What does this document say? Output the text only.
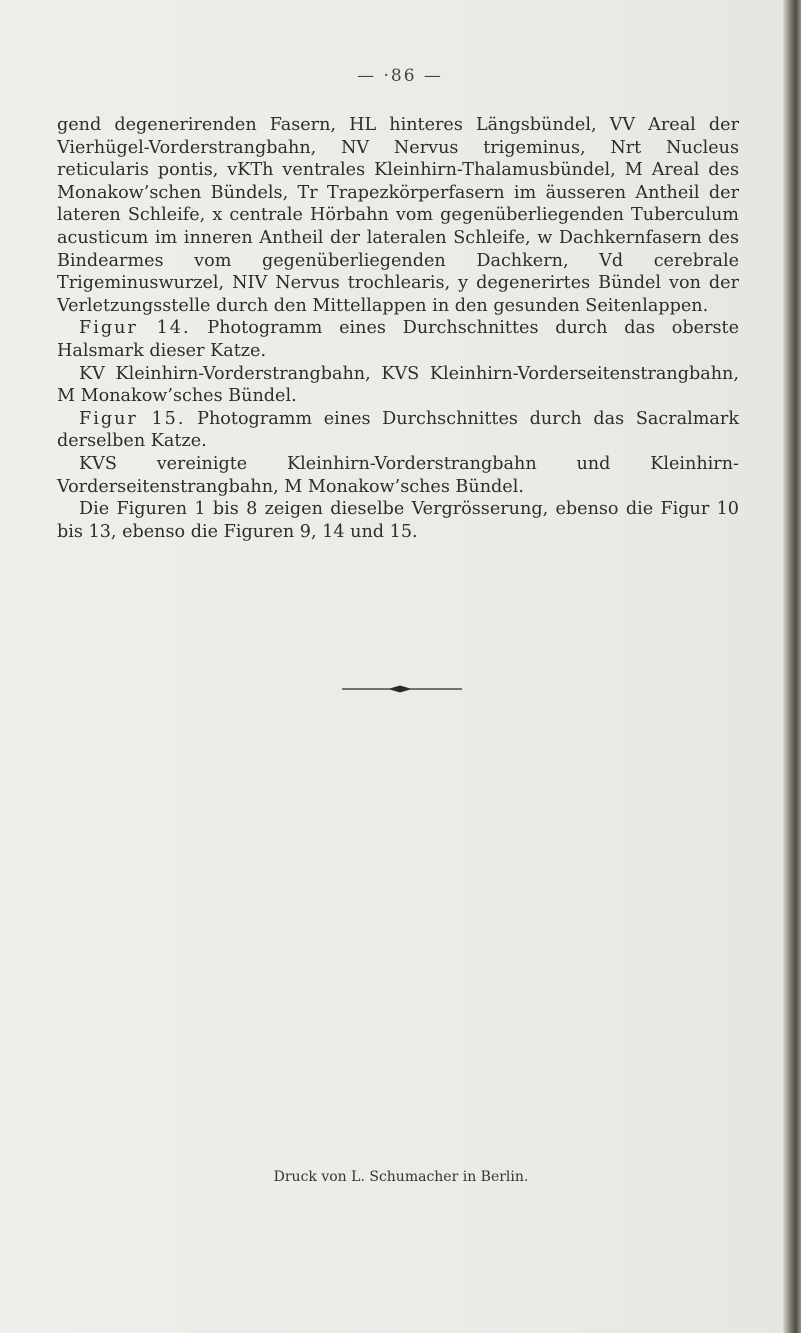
— ·86 —

gend degenerirenden Fasern, HL hinteres Längsbündel, VV Areal der Vierhügel-Vorderstrangbahn, NV Nervus trigeminus, Nrt Nucleus reticularis pontis, vKTh ventrales Kleinhirn-Thalamusbündel, M Areal des Monakow’schen Bündels, Tr Trapezkörperfasern im äusseren Antheil der lateren Schleife, x centrale Hörbahn vom gegenüberliegenden Tuberculum acusticum im inneren Antheil der lateralen Schleife, w Dachkernfasern des Bindearmes vom gegenüberliegenden Dachkern, Vd cerebrale Trigeminuswurzel, NIV Nervus trochlearis, y degenerirtes Bündel von der Verletzungsstelle durch den Mittellappen in den gesunden Seitenlappen.

Figur 14. Photogramm eines Durchschnittes durch das oberste Halsmark dieser Katze.

KV Kleinhirn-Vorderstrangbahn, KVS Kleinhirn-Vorderseitenstrangbahn, M Monakow’sches Bündel.

Figur 15. Photogramm eines Durchschnittes durch das Sacralmark derselben Katze.

KVS vereinigte Kleinhirn-Vorderstrangbahn und Kleinhirn-Vorderseitenstrangbahn, M Monakow’sches Bündel.

Die Figuren 1 bis 8 zeigen dieselbe Vergrösserung, ebenso die Figur 10 bis 13, ebenso die Figuren 9, 14 und 15.

Druck von L. Schumacher in Berlin.
